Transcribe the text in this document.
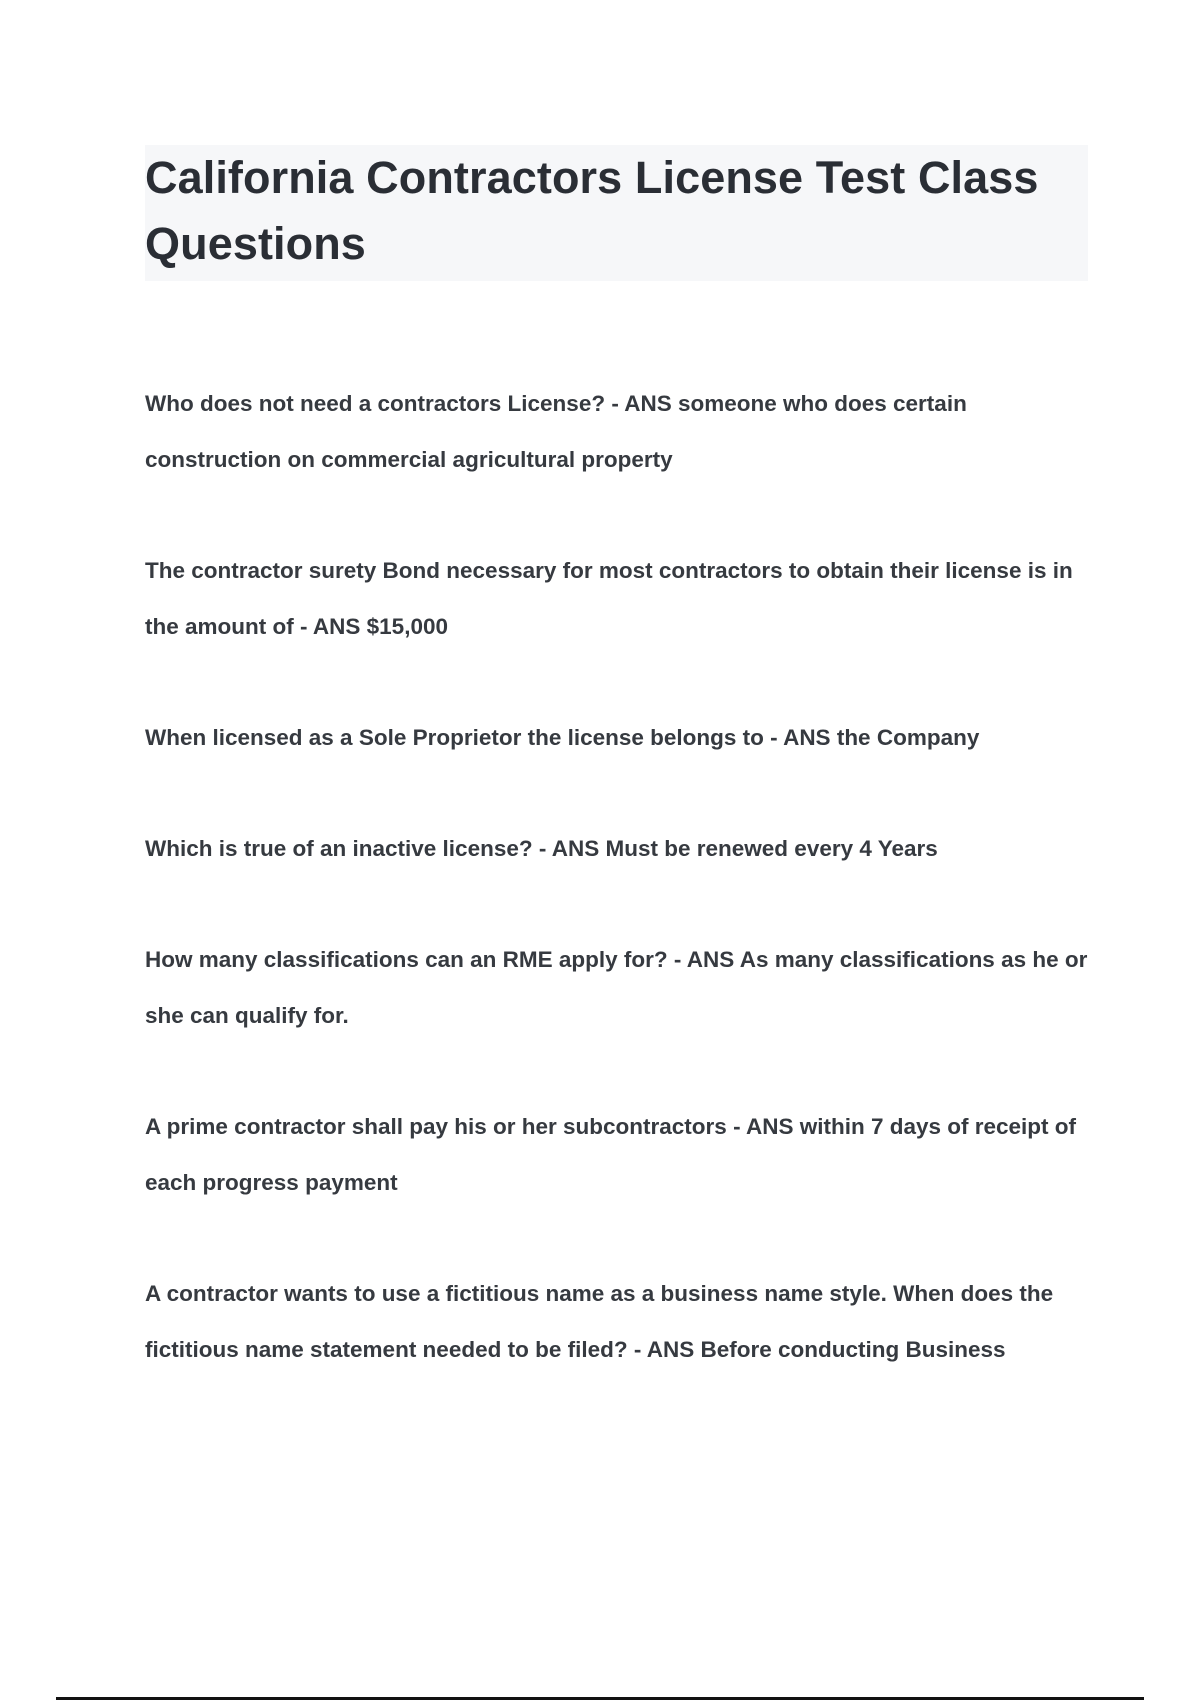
California Contractors License Test Class Questions

Who does not need a contractors License? - ANS someone who does certain construction on commercial agricultural property

The contractor surety Bond necessary for most contractors to obtain their license is in the amount of - ANS $15,000

When licensed as a Sole Proprietor the license belongs to - ANS the Company

Which is true of an inactive license? - ANS Must be renewed every 4 Years

How many classifications can an RME apply for? - ANS As many classifications as he or she can qualify for.

A prime contractor shall pay his or her subcontractors - ANS within 7 days of receipt of each progress payment

A contractor wants to use a fictitious name as a business name style. When does the fictitious name statement needed to be filed? - ANS Before conducting Business
